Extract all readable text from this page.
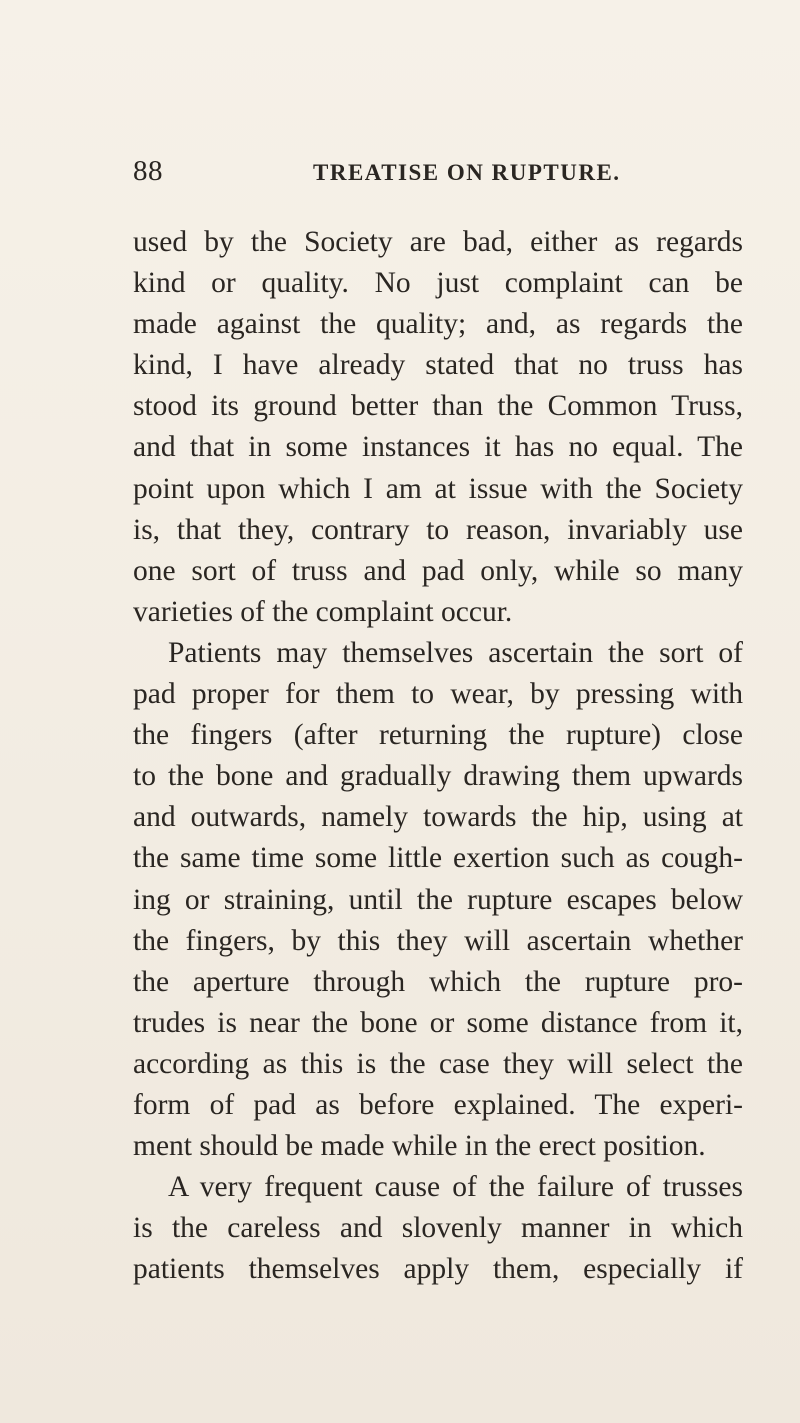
88	TREATISE ON RUPTURE.
used by the Society are bad, either as regards
kind or quality. No just complaint can be
made against the quality; and, as regards the
kind, I have already stated that no truss has
stood its ground better than the Common Truss,
and that in some instances it has no equal. The
point upon which I am at issue with the Society
is, that they, contrary to reason, invariably use
one sort of truss and pad only, while so many
varieties of the complaint occur.
Patients may themselves ascertain the sort of
pad proper for them to wear, by pressing with
the fingers (after returning the rupture) close
to the bone and gradually drawing them upwards
and outwards, namely towards the hip, using at
the same time some little exertion such as cough-
ing or straining, until the rupture escapes below
the fingers, by this they will ascertain whether
the aperture through which the rupture pro-
trudes is near the bone or some distance from it,
according as this is the case they will select the
form of pad as before explained. The experi-
ment should be made while in the erect position.
A very frequent cause of the failure of trusses
is the careless and slovenly manner in which
patients themselves apply them, especially if
